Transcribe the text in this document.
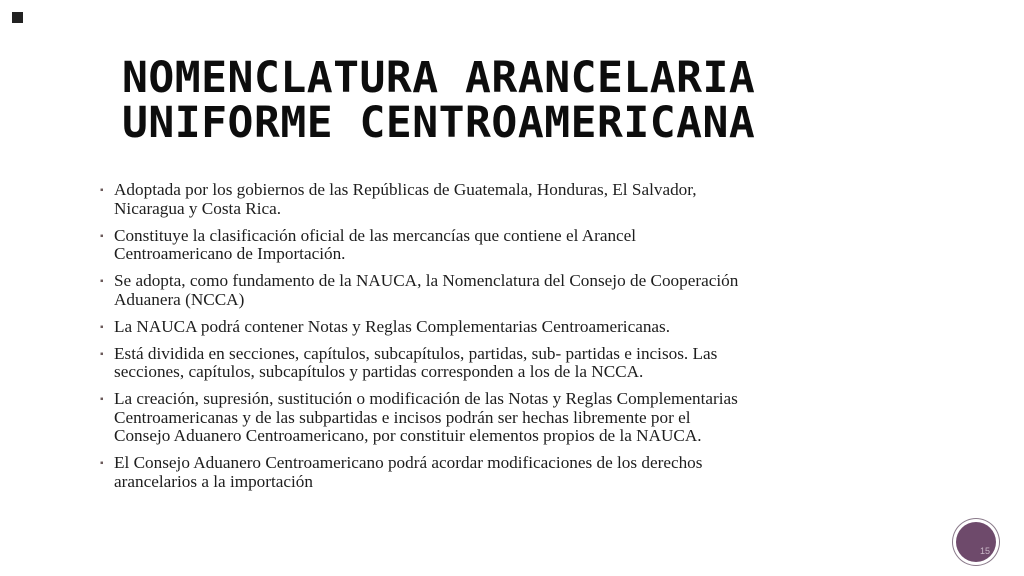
NOMENCLATURA ARANCELARIA
UNIFORME CENTROAMERICANA
▪ Adoptada por los gobiernos de las Repúblicas de Guatemala, Honduras, El Salvador,
Nicaragua y Costa Rica.
▪ Constituye la clasificación oficial de las mercancías que contiene el Arancel
Centroamericano de Importación.
▪ Se adopta, como fundamento de la NAUCA, la Nomenclatura del Consejo de Cooperación
Aduanera (NCCA)
▪ La NAUCA podrá contener Notas y Reglas Complementarias Centroamericanas.
▪ Está dividida en secciones, capítulos, subcapítulos, partidas, sub- partidas e incisos. Las
secciones, capítulos, subcapítulos y partidas corresponden a los de la NCCA.
▪ La creación, supresión, sustitución o modificación de las Notas y Reglas Complementarias
Centroamericanas y de las subpartidas e incisos podrán ser hechas libremente por el
Consejo Aduanero Centroamericano, por constituir elementos propios de la NAUCA.
▪ El Consejo Aduanero Centroamericano podrá acordar modificaciones de los derechos
arancelarios a la importación
15
